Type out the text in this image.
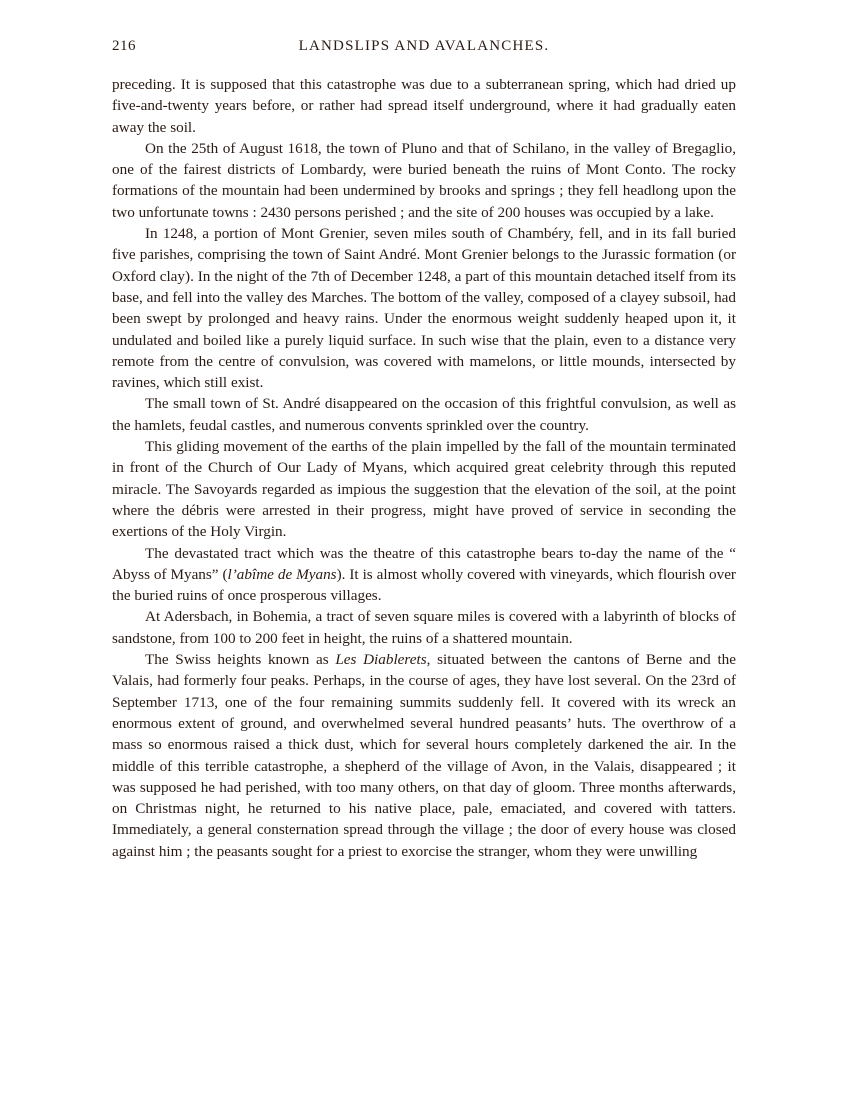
216	LANDSLIPS AND AVALANCHES.

preceding. It is supposed that this catastrophe was due to a subterranean spring, which had dried up five-and-twenty years before, or rather had spread itself underground, where it had gradually eaten away the soil.

On the 25th of August 1618, the town of Pluno and that of Schilano, in the valley of Bregaglio, one of the fairest districts of Lombardy, were buried beneath the ruins of Mont Conto. The rocky formations of the mountain had been undermined by brooks and springs ; they fell headlong upon the two unfortunate towns : 2430 persons perished ; and the site of 200 houses was occupied by a lake.

In 1248, a portion of Mont Grenier, seven miles south of Chambéry, fell, and in its fall buried five parishes, comprising the town of Saint André. Mont Grenier belongs to the Jurassic formation (or Oxford clay). In the night of the 7th of December 1248, a part of this mountain detached itself from its base, and fell into the valley des Marches. The bottom of the valley, composed of a clayey subsoil, had been swept by prolonged and heavy rains. Under the enormous weight suddenly heaped upon it, it undulated and boiled like a purely liquid surface. In such wise that the plain, even to a distance very remote from the centre of convulsion, was covered with mamelons, or little mounds, intersected by ravines, which still exist.

The small town of St. André disappeared on the occasion of this frightful convulsion, as well as the hamlets, feudal castles, and numerous convents sprinkled over the country.

This gliding movement of the earths of the plain impelled by the fall of the mountain terminated in front of the Church of Our Lady of Myans, which acquired great celebrity through this reputed miracle. The Savoyards regarded as impious the suggestion that the elevation of the soil, at the point where the débris were arrested in their progress, might have proved of service in seconding the exertions of the Holy Virgin.

The devastated tract which was the theatre of this catastrophe bears to-day the name of the “ Abyss of Myans” (l’abîme de Myans). It is almost wholly covered with vineyards, which flourish over the buried ruins of once prosperous villages.

At Adersbach, in Bohemia, a tract of seven square miles is covered with a labyrinth of blocks of sandstone, from 100 to 200 feet in height, the ruins of a shattered mountain.

The Swiss heights known as Les Diablerets, situated between the cantons of Berne and the Valais, had formerly four peaks. Perhaps, in the course of ages, they have lost several. On the 23rd of September 1713, one of the four remaining summits suddenly fell. It covered with its wreck an enormous extent of ground, and overwhelmed several hundred peasants’ huts. The overthrow of a mass so enormous raised a thick dust, which for several hours completely darkened the air. In the middle of this terrible catastrophe, a shepherd of the village of Avon, in the Valais, disappeared ; it was supposed he had perished, with too many others, on that day of gloom. Three months afterwards, on Christmas night, he returned to his native place, pale, emaciated, and covered with tatters. Immediately, a general consternation spread through the village ; the door of every house was closed against him ; the peasants sought for a priest to exorcise the stranger, whom they were unwilling
